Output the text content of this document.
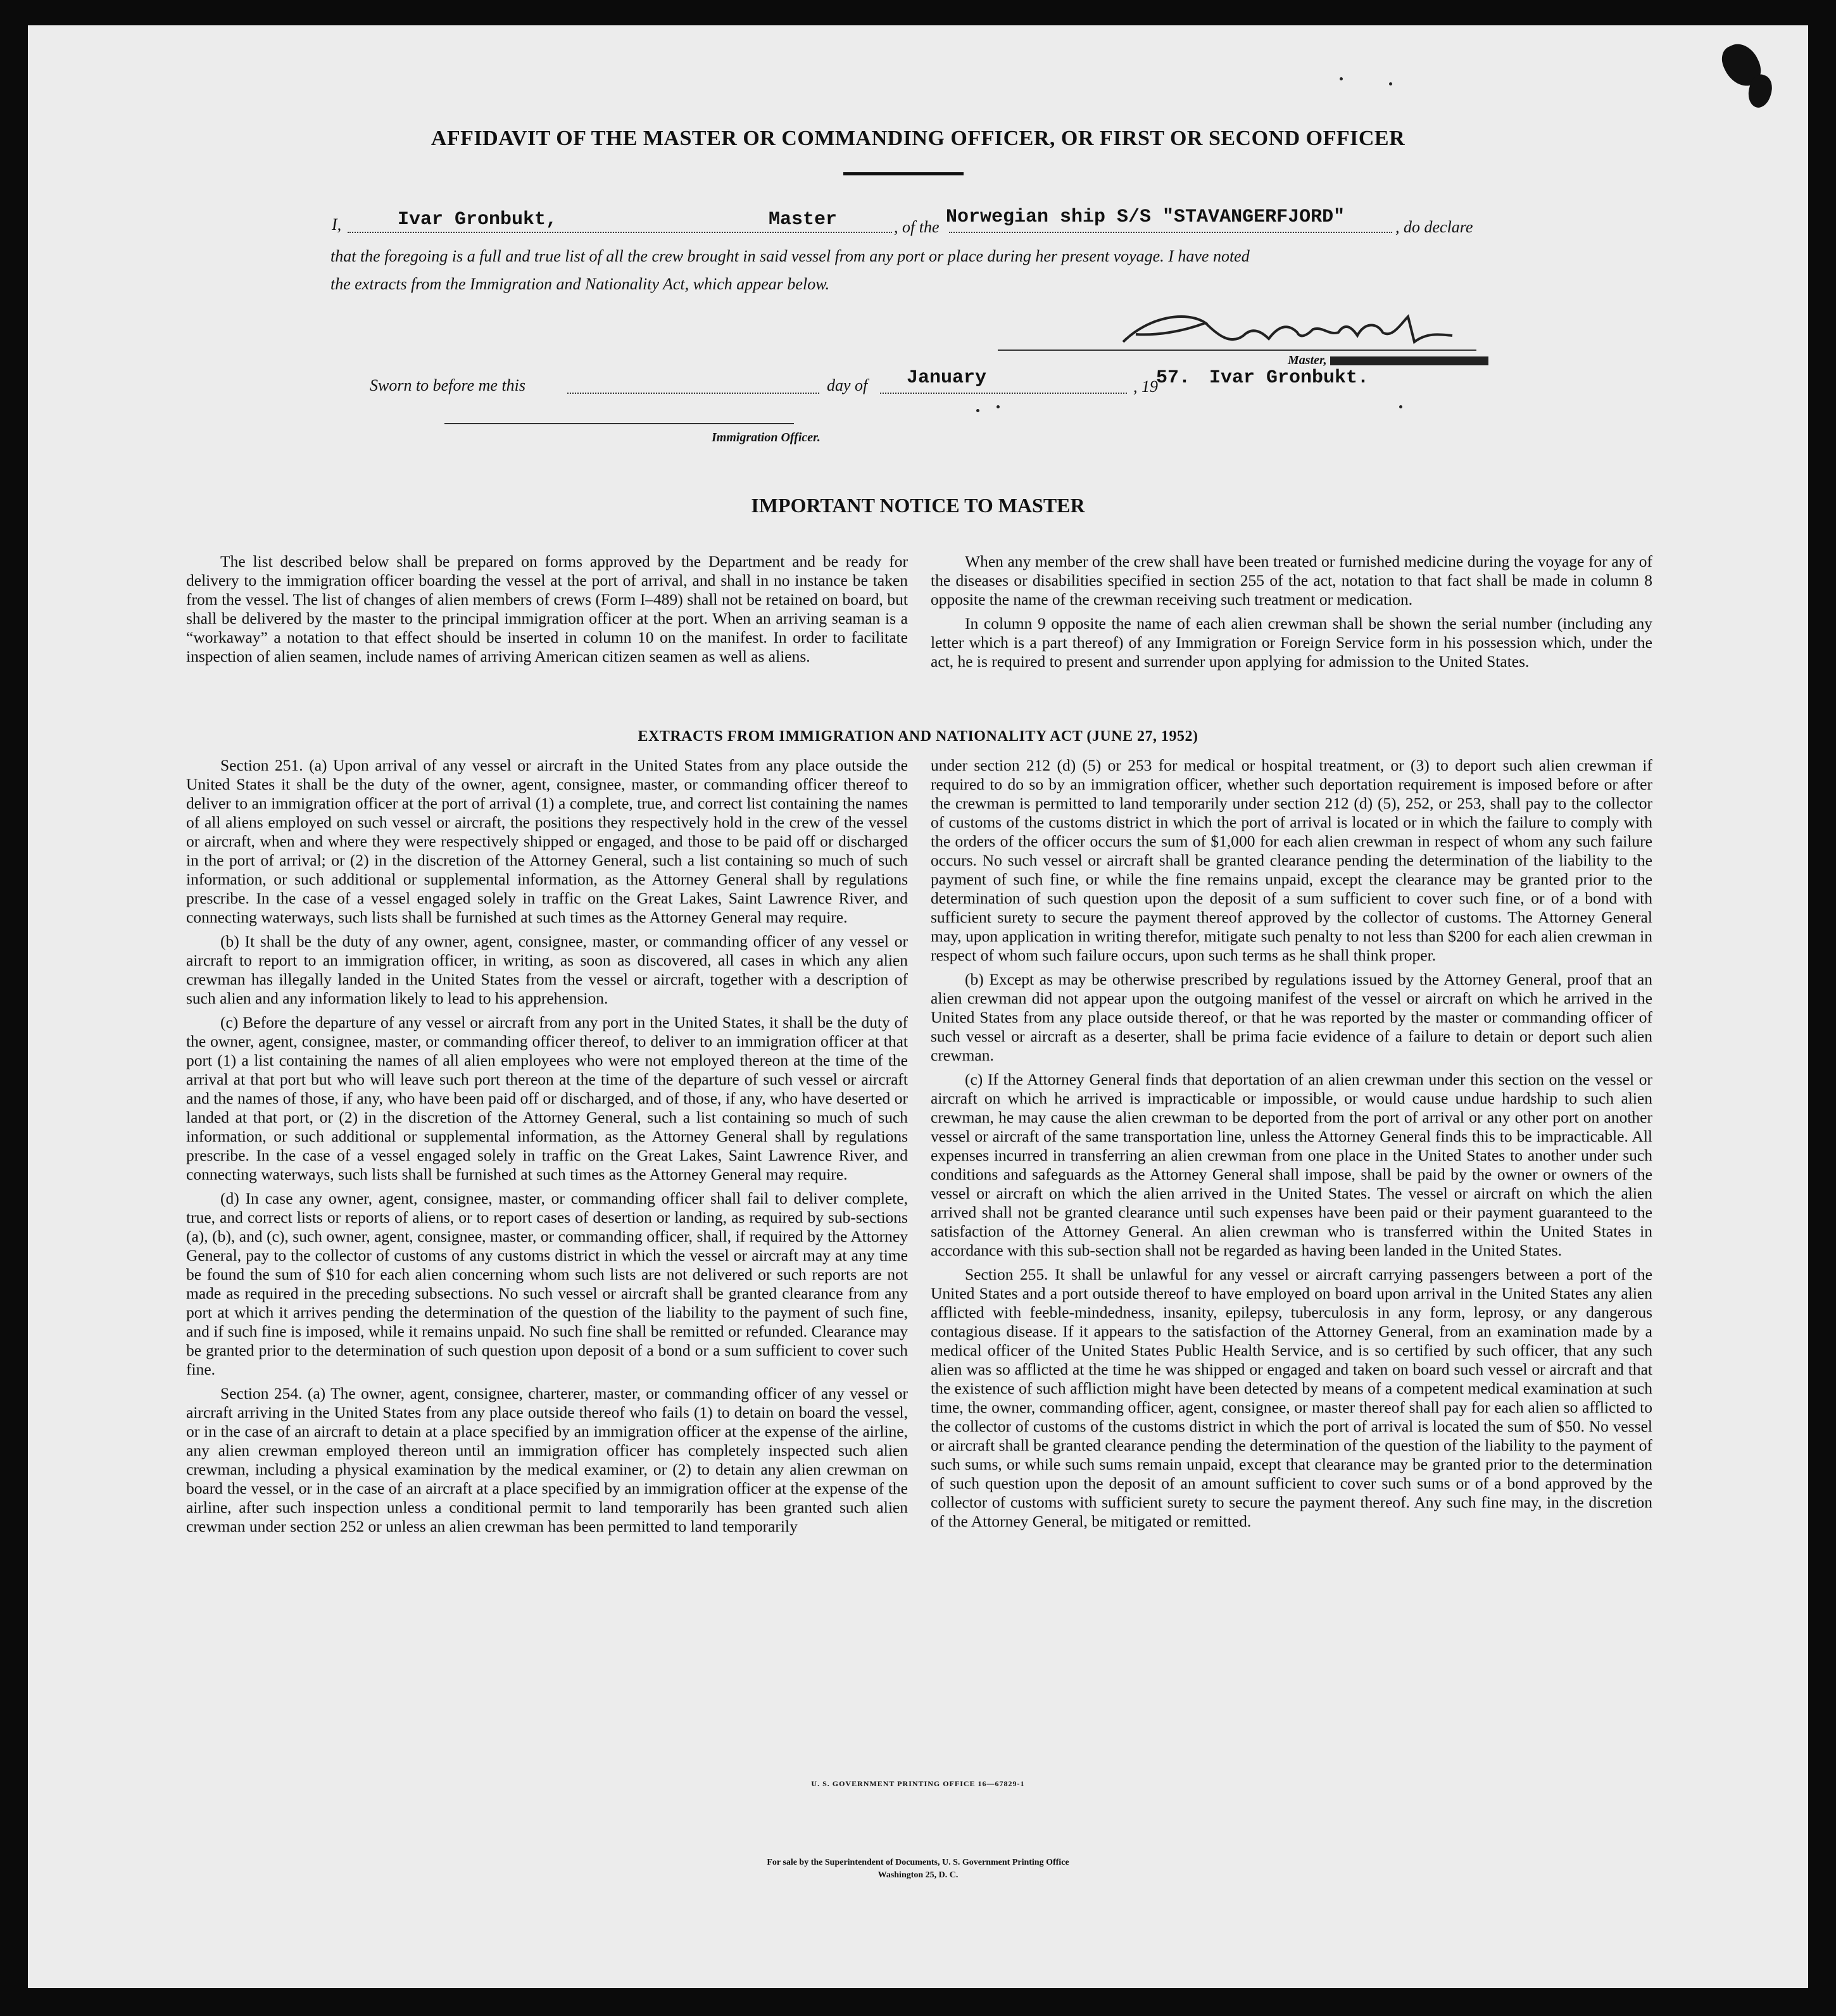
AFFIDAVIT OF THE MASTER OR COMMANDING OFFICER, OR FIRST OR SECOND OFFICER
I,	Ivar Gronbukt,	Master	, of the Norwegian ship S/S "STAVANGERFJORD"	, do declare
that the foregoing is a full and true list of all the crew brought in said vessel from any port or place during her present voyage. I have noted
the extracts from the Immigration and Nationality Act, which appear below.
Master,
Sworn to before me this	day of January	, 19
57. Ivar Gronbukt.
Immigration Officer.
IMPORTANT NOTICE TO MASTER

The list described below shall be prepared on forms approved by the Department and be ready for delivery to the immigration officer boarding the vessel at the port of arrival, and shall in no instance be taken from the vessel. The list of changes of alien members of crews (Form I–489) shall not be retained on board, but shall be delivered by the master to the principal immigration officer at the port. When an arriving seaman is a “workaway” a notation to that effect should be inserted in column 10 on the manifest. In order to facilitate inspection of alien seamen, include names of arriving American citizen seamen as well as aliens.

When any member of the crew shall have been treated or furnished medicine during the voyage for any of the diseases or disabilities specified in section 255 of the act, notation to that fact shall be made in column 8 opposite the name of the crewman receiving such treatment or medication.

In column 9 opposite the name of each alien crewman shall be shown the serial number (including any letter which is a part thereof) of any Immigration or Foreign Service form in his possession which, under the act, he is required to present and surrender upon applying for admission to the United States.

EXTRACTS FROM IMMIGRATION AND NATIONALITY ACT (JUNE 27, 1952)

Section 251. (a) Upon arrival of any vessel or aircraft in the United States from any place outside the United States it shall be the duty of the owner, agent, consignee, master, or commanding officer thereof to deliver to an immigration officer at the port of arrival (1) a complete, true, and correct list containing the names of all aliens employed on such vessel or aircraft, the positions they respectively hold in the crew of the vessel or aircraft, when and where they were respectively shipped or engaged, and those to be paid off or discharged in the port of arrival; or (2) in the discretion of the Attorney General, such a list containing so much of such information, or such additional or supplemental information, as the Attorney General shall by regulations prescribe. In the case of a vessel engaged solely in traffic on the Great Lakes, Saint Lawrence River, and connecting waterways, such lists shall be furnished at such times as the Attorney General may require.

(b) It shall be the duty of any owner, agent, consignee, master, or commanding officer of any vessel or aircraft to report to an immigration officer, in writing, as soon as discovered, all cases in which any alien crewman has illegally landed in the United States from the vessel or aircraft, together with a description of such alien and any information likely to lead to his apprehension.

(c) Before the departure of any vessel or aircraft from any port in the United States, it shall be the duty of the owner, agent, consignee, master, or commanding officer thereof, to deliver to an immigration officer at that port (1) a list containing the names of all alien employees who were not employed thereon at the time of the arrival at that port but who will leave such port thereon at the time of the departure of such vessel or aircraft and the names of those, if any, who have been paid off or discharged, and of those, if any, who have deserted or landed at that port, or (2) in the discretion of the Attorney General, such a list containing so much of such information, or such additional or supplemental information, as the Attorney General shall by regulations prescribe. In the case of a vessel engaged solely in traffic on the Great Lakes, Saint Lawrence River, and connecting waterways, such lists shall be furnished at such times as the Attorney General may require.

(d) In case any owner, agent, consignee, master, or commanding officer shall fail to deliver complete, true, and correct lists or reports of aliens, or to report cases of desertion or landing, as required by sub-sections (a), (b), and (c), such owner, agent, consignee, master, or commanding officer, shall, if required by the Attorney General, pay to the collector of customs of any customs district in which the vessel or aircraft may at any time be found the sum of $10 for each alien concerning whom such lists are not delivered or such reports are not made as required in the preceding subsections. No such vessel or aircraft shall be granted clearance from any port at which it arrives pending the determination of the question of the liability to the payment of such fine, and if such fine is imposed, while it remains unpaid. No such fine shall be remitted or refunded. Clearance may be granted prior to the determination of such question upon deposit of a bond or a sum sufficient to cover such fine.

Section 254. (a) The owner, agent, consignee, charterer, master, or commanding officer of any vessel or aircraft arriving in the United States from any place outside thereof who fails (1) to detain on board the vessel, or in the case of an aircraft to detain at a place specified by an immigration officer at the expense of the airline, any alien crewman employed thereon until an immigration officer has completely inspected such alien crewman, including a physical examination by the medical examiner, or (2) to detain any alien crewman on board the vessel, or in the case of an aircraft at a place specified by an immigration officer at the expense of the airline, after such inspection unless a conditional permit to land temporarily has been granted such alien crewman under section 252 or unless an alien crewman has been permitted to land temporarily

under section 212 (d) (5) or 253 for medical or hospital treatment, or (3) to deport such alien crewman if required to do so by an immigration officer, whether such deportation requirement is imposed before or after the crewman is permitted to land temporarily under section 212 (d) (5), 252, or 253, shall pay to the collector of customs of the customs district in which the port of arrival is located or in which the failure to comply with the orders of the officer occurs the sum of $1,000 for each alien crewman in respect of whom any such failure occurs. No such vessel or aircraft shall be granted clearance pending the determination of the liability to the payment of such fine, or while the fine remains unpaid, except the clearance may be granted prior to the determination of such question upon the deposit of a sum sufficient to cover such fine, or of a bond with sufficient surety to secure the payment thereof approved by the collector of customs. The Attorney General may, upon application in writing therefor, mitigate such penalty to not less than $200 for each alien crewman in respect of whom such failure occurs, upon such terms as he shall think proper.

(b) Except as may be otherwise prescribed by regulations issued by the Attorney General, proof that an alien crewman did not appear upon the outgoing manifest of the vessel or aircraft on which he arrived in the United States from any place outside thereof, or that he was reported by the master or commanding officer of such vessel or aircraft as a deserter, shall be prima facie evidence of a failure to detain or deport such alien crewman.

(c) If the Attorney General finds that deportation of an alien crewman under this section on the vessel or aircraft on which he arrived is impracticable or impossible, or would cause undue hardship to such alien crewman, he may cause the alien crewman to be deported from the port of arrival or any other port on another vessel or aircraft of the same transportation line, unless the Attorney General finds this to be impracticable. All expenses incurred in transferring an alien crewman from one place in the United States to another under such conditions and safeguards as the Attorney General shall impose, shall be paid by the owner or owners of the vessel or aircraft on which the alien arrived in the United States. The vessel or aircraft on which the alien arrived shall not be granted clearance until such expenses have been paid or their payment guaranteed to the satisfaction of the Attorney General. An alien crewman who is transferred within the United States in accordance with this sub-section shall not be regarded as having been landed in the United States.

Section 255. It shall be unlawful for any vessel or aircraft carrying passengers between a port of the United States and a port outside thereof to have employed on board upon arrival in the United States any alien afflicted with feeble-mindedness, insanity, epilepsy, tuberculosis in any form, leprosy, or any dangerous contagious disease. If it appears to the satisfaction of the Attorney General, from an examination made by a medical officer of the United States Public Health Service, and is so certified by such officer, that any such alien was so afflicted at the time he was shipped or engaged and taken on board such vessel or aircraft and that the existence of such affliction might have been detected by means of a competent medical examination at such time, the owner, commanding officer, agent, consignee, or master thereof shall pay for each alien so afflicted to the collector of customs of the customs district in which the port of arrival is located the sum of $50. No vessel or aircraft shall be granted clearance pending the determination of the question of the liability to the payment of such sums, or while such sums remain unpaid, except that clearance may be granted prior to the determination of such question upon the deposit of an amount sufficient to cover such sums or of a bond approved by the collector of customs with sufficient surety to secure the payment thereof. Any such fine may, in the discretion of the Attorney General, be mitigated or remitted.

U. S. GOVERNMENT PRINTING OFFICE 16—67829-1
For sale by the Superintendent of Documents, U. S. Government Printing Office
Washington 25, D. C.
